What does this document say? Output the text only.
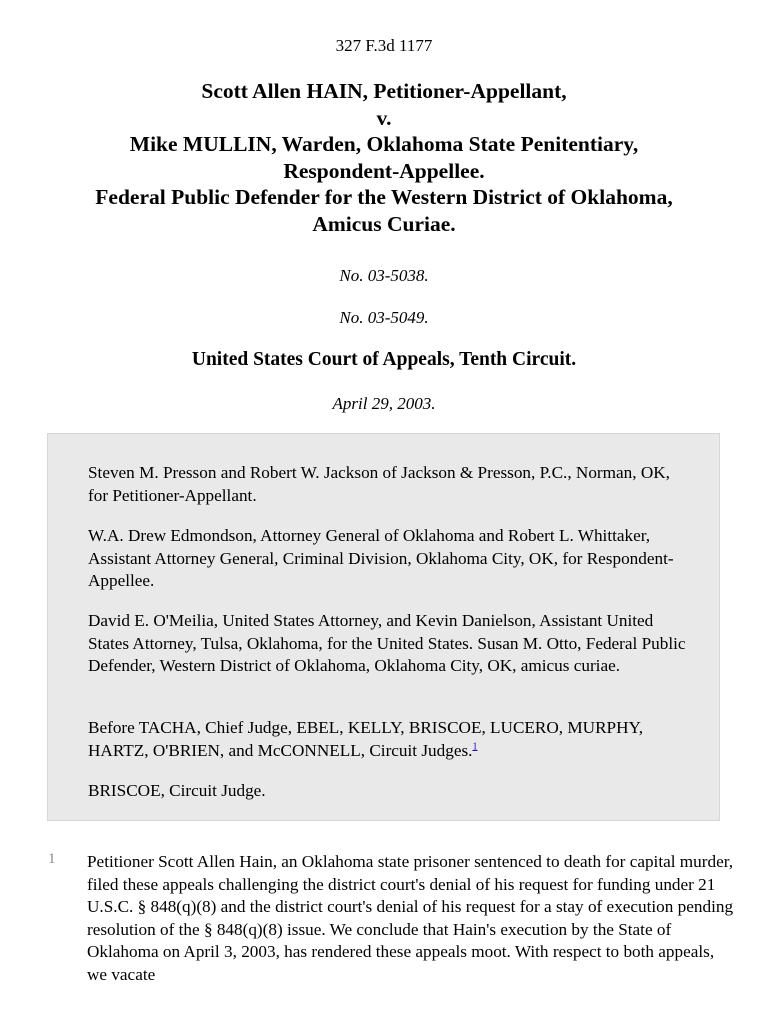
327 F.3d 1177
Scott Allen HAIN, Petitioner-Appellant,
v.
Mike MULLIN, Warden, Oklahoma State Penitentiary,
Respondent-Appellee.
Federal Public Defender for the Western District of Oklahoma,
Amicus Curiae.
No. 03-5038.
No. 03-5049.
United States Court of Appeals, Tenth Circuit.
April 29, 2003.

Steven M. Presson and Robert W. Jackson of Jackson & Presson, P.C., Norman, OK, for Petitioner-Appellant.

W.A. Drew Edmondson, Attorney General of Oklahoma and Robert L. Whittaker, Assistant Attorney General, Criminal Division, Oklahoma City, OK, for Respondent-Appellee.

David E. O'Meilia, United States Attorney, and Kevin Danielson, Assistant United States Attorney, Tulsa, Oklahoma, for the United States. Susan M. Otto, Federal Public Defender, Western District of Oklahoma, Oklahoma City, OK, amicus curiae.

Before TACHA, Chief Judge, EBEL, KELLY, BRISCOE, LUCERO, MURPHY, HARTZ, O'BRIEN, and McCONNELL, Circuit Judges.$^1$

BRISCOE, Circuit Judge.

1 Petitioner Scott Allen Hain, an Oklahoma state prisoner sentenced to death for capital murder, filed these appeals challenging the district court's denial of his request for funding under 21 U.S.C. § 848(q)(8) and the district court's denial of his request for a stay of execution pending resolution of the § 848(q)(8) issue. We conclude that Hain's execution by the State of Oklahoma on April 3, 2003, has rendered these appeals moot. With respect to both appeals, we vacate
